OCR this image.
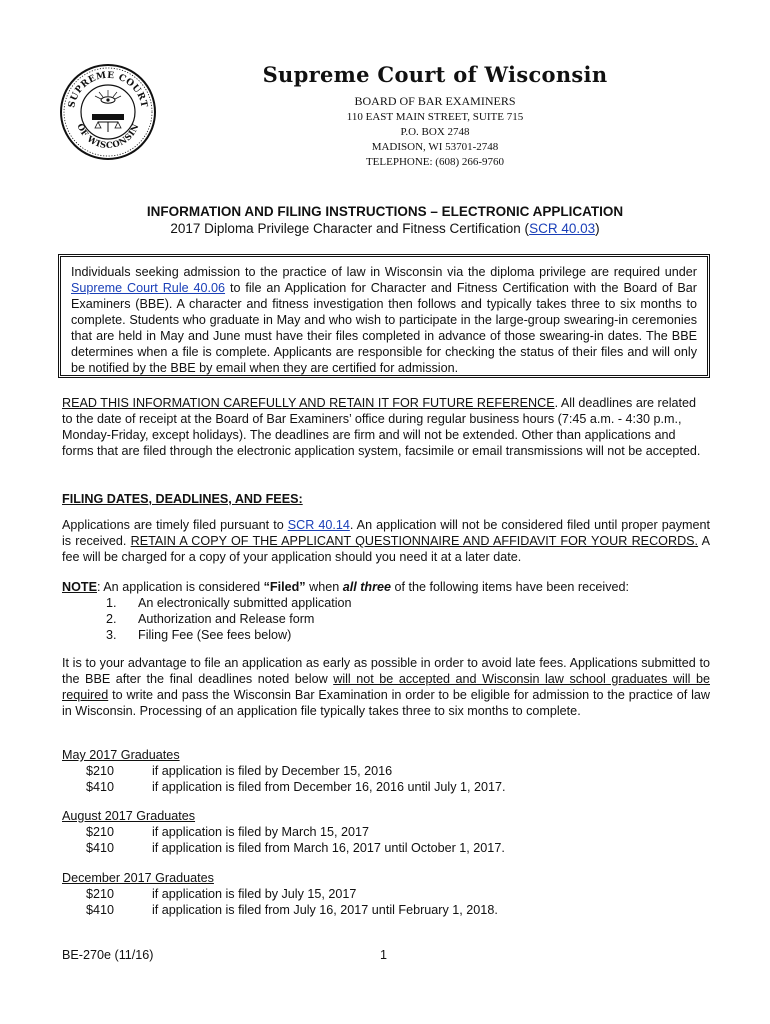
SUPREME COURT
OF WISCONSIN
Supreme Court of Wisconsin
BOARD OF BAR EXAMINERS
110 EAST MAIN STREET, SUITE 715
P.O. BOX 2748
MADISON, WI 53701-2748
TELEPHONE: (608) 266-9760
INFORMATION AND FILING INSTRUCTIONS – ELECTRONIC APPLICATION
2017 Diploma Privilege Character and Fitness Certification (SCR 40.03)
Individuals seeking admission to the practice of law in Wisconsin via the diploma privilege are required under Supreme Court Rule 40.06 to file an Application for Character and Fitness Certification with the Board of Bar Examiners (BBE). A character and fitness investigation then follows and typically takes three to six months to complete. Students who graduate in May and who wish to participate in the large-group swearing-in ceremonies that are held in May and June must have their files completed in advance of those swearing-in dates. The BBE determines when a file is complete. Applicants are responsible for checking the status of their files and will only be notified by the BBE by email when they are certified for admission.
READ THIS INFORMATION CAREFULLY AND RETAIN IT FOR FUTURE REFERENCE. All deadlines are related to the date of receipt at the Board of Bar Examiners’ office during regular business hours (7:45 a.m. - 4:30 p.m., Monday-Friday, except holidays). The deadlines are firm and will not be extended. Other than applications and forms that are filed through the electronic application system, facsimile or email transmissions will not be accepted.
FILING DATES, DEADLINES, AND FEES:
Applications are timely filed pursuant to SCR 40.14. An application will not be considered filed until proper payment is received. RETAIN A COPY OF THE APPLICANT QUESTIONNAIRE AND AFFIDAVIT FOR YOUR RECORDS. A fee will be charged for a copy of your application should you need it at a later date.
NOTE: An application is considered “Filed” when all three of the following items have been received:
1. An electronically submitted application
2. Authorization and Release form
3. Filing Fee (See fees below)
It is to your advantage to file an application as early as possible in order to avoid late fees. Applications submitted to the BBE after the final deadlines noted below will not be accepted and Wisconsin law school graduates will be required to write and pass the Wisconsin Bar Examination in order to be eligible for admission to the practice of law in Wisconsin. Processing of an application file typically takes three to six months to complete.
May 2017 Graduates
$210	if application is filed by December 15, 2016
$410	if application is filed from December 16, 2016 until July 1, 2017.
August 2017 Graduates
$210	if application is filed by March 15, 2017
$410	if application is filed from March 16, 2017 until October 1, 2017.
December 2017 Graduates
$210	if application is filed by July 15, 2017
$410	if application is filed from July 16, 2017 until February 1, 2018.
BE-270e (11/16)	1
